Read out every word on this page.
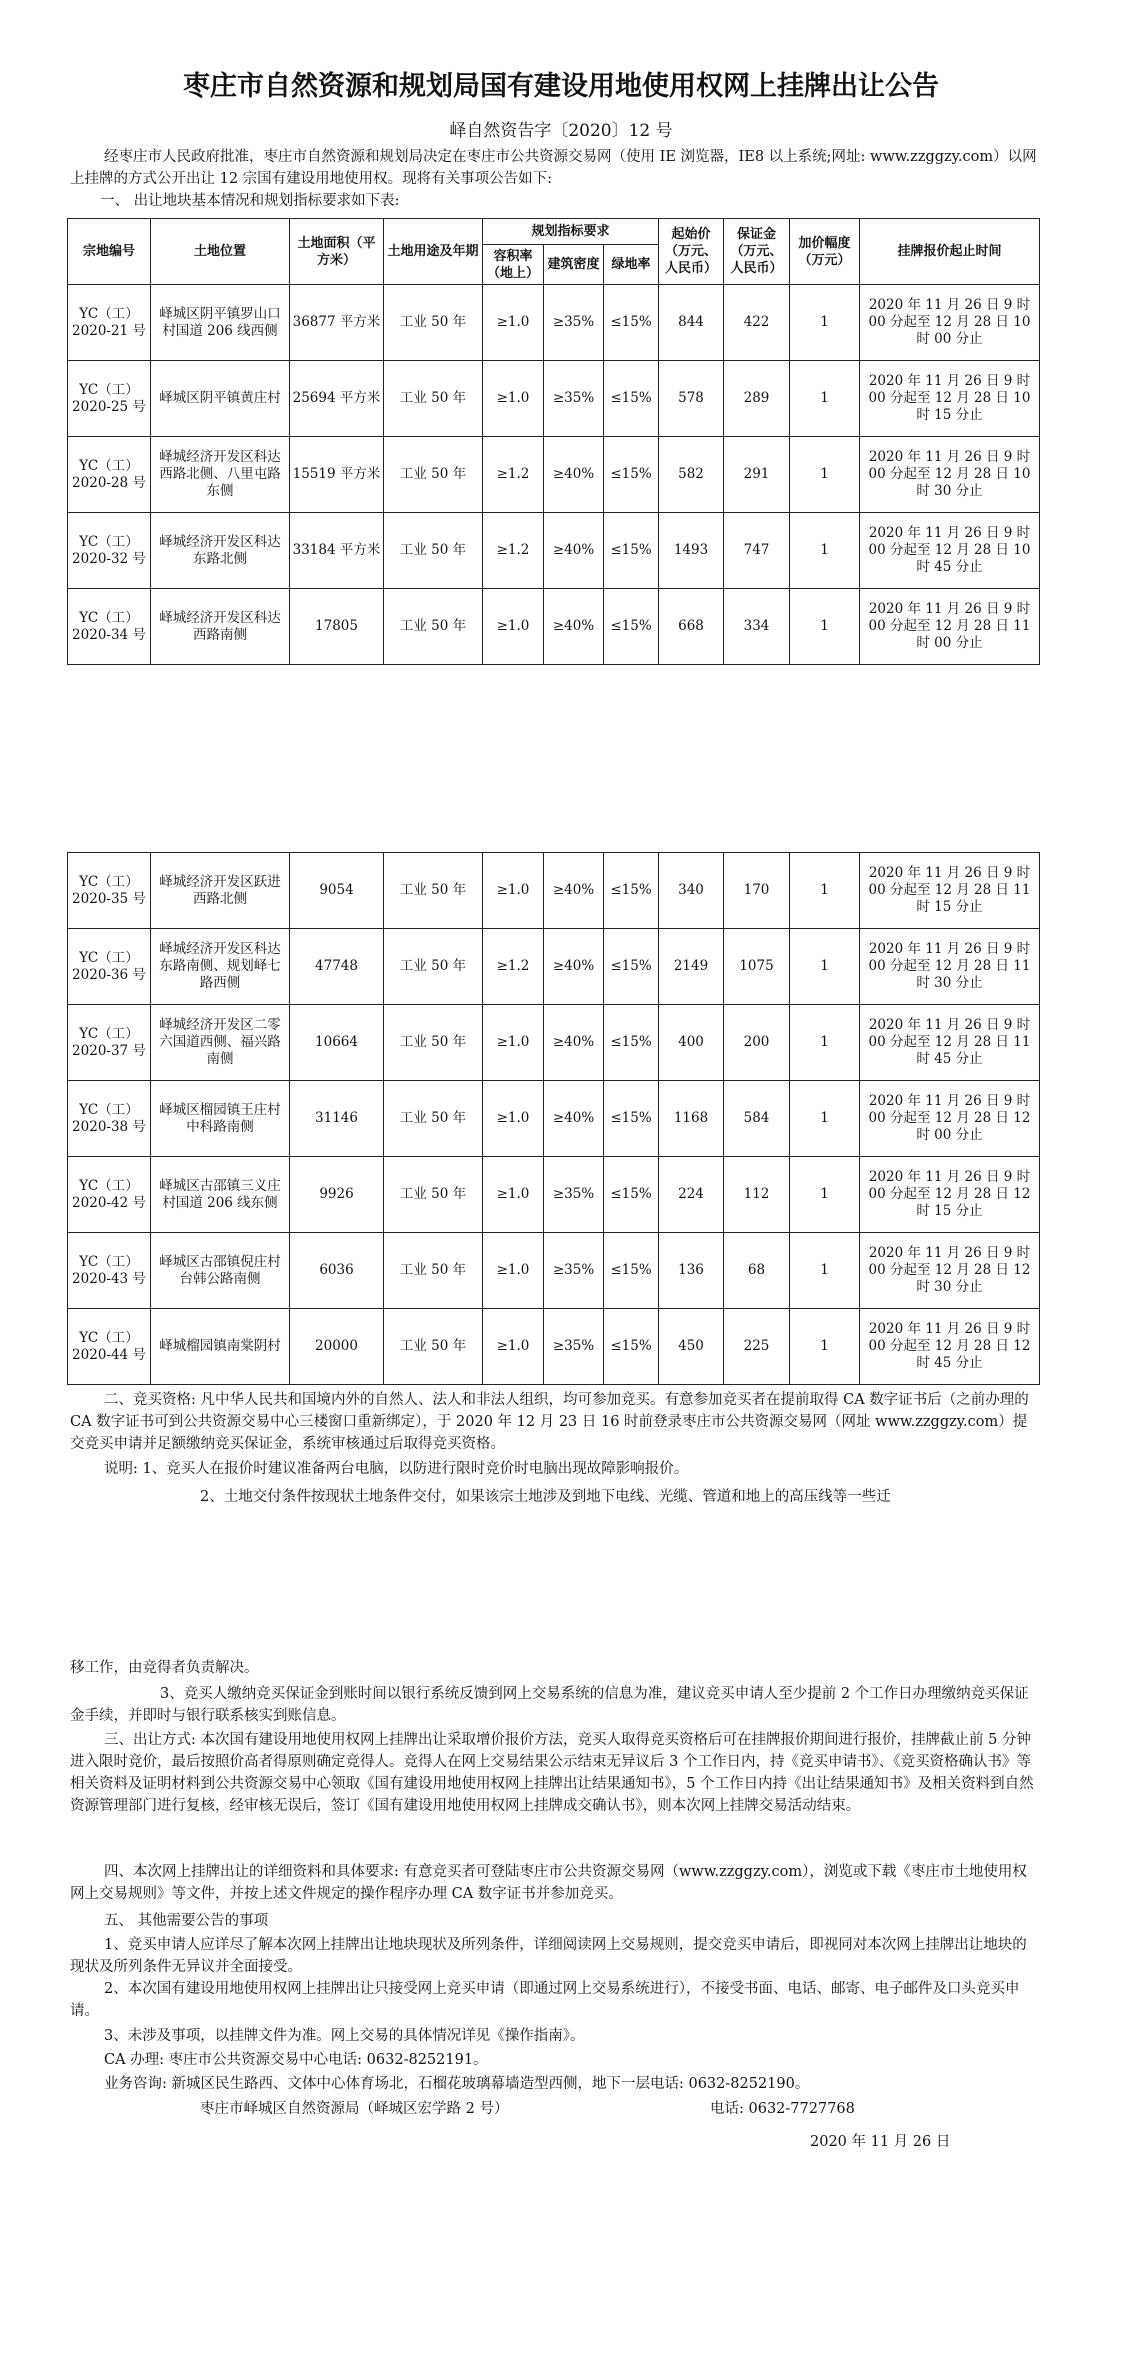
枣庄市自然资源和规划局国有建设用地使用权网上挂牌出让公告
峄自然资告字〔2020〕12 号

经枣庄市人民政府批准，枣庄市自然资源和规划局决定在枣庄市公共资源交易网（使用 IE 浏览器，IE8 以上系统;网址: www.zzggzy.com）以网上挂牌的方式公开出让 12 宗国有建设用地使用权。现将有关事项公告如下:

一、 出让地块基本情况和规划指标要求如下表:
宗地编号	土地位置	土地面积（平方米）	土地用途及年期	规划指标要求			起始价（万元、人民币）	保证金（万元、人民币）	加价幅度（万元）	挂牌报价起止时间
				容积率（地上）	建筑密度	绿地率				
YC（工）2020-21 号	峄城区阴平镇罗山口村国道 206 线西侧	36877 平方米	工业 50 年	≥1.0	≥35%	≤15%	844	422	1	2020 年 11 月 26 日 9 时 00 分起至 12 月 28 日 10 时 00 分止
YC（工）2020-25 号	峄城区阴平镇黄庄村	25694 平方米	工业 50 年	≥1.0	≥35%	≤15%	578	289	1	2020 年 11 月 26 日 9 时 00 分起至 12 月 28 日 10 时 15 分止
YC（工）2020-28 号	峄城经济开发区科达西路北侧、八里屯路东侧	15519 平方米	工业 50 年	≥1.2	≥40%	≤15%	582	291	1	2020 年 11 月 26 日 9 时 00 分起至 12 月 28 日 10 时 30 分止
YC（工）2020-32 号	峄城经济开发区科达东路北侧	33184 平方米	工业 50 年	≥1.2	≥40%	≤15%	1493	747	1	2020 年 11 月 26 日 9 时 00 分起至 12 月 28 日 10 时 45 分止
YC（工）2020-34 号	峄城经济开发区科达西路南侧	17805	工业 50 年	≥1.0	≥40%	≤15%	668	334	1	2020 年 11 月 26 日 9 时 00 分起至 12 月 28 日 11 时 00 分止
YC（工）2020-35 号	峄城经济开发区跃进西路北侧	9054	工业 50 年	≥1.0	≥40%	≤15%	340	170	1	2020 年 11 月 26 日 9 时 00 分起至 12 月 28 日 11 时 15 分止
YC（工）2020-36 号	峄城经济开发区科达东路南侧、规划峄七路西侧	47748	工业 50 年	≥1.2	≥40%	≤15%	2149	1075	1	2020 年 11 月 26 日 9 时 00 分起至 12 月 28 日 11 时 30 分止
YC（工）2020-37 号	峄城经济开发区二零六国道西侧、福兴路南侧	10664	工业 50 年	≥1.0	≥40%	≤15%	400	200	1	2020 年 11 月 26 日 9 时 00 分起至 12 月 28 日 11 时 45 分止
YC（工）2020-38 号	峄城区榴园镇王庄村中科路南侧	31146	工业 50 年	≥1.0	≥40%	≤15%	1168	584	1	2020 年 11 月 26 日 9 时 00 分起至 12 月 28 日 12 时 00 分止
YC（工）2020-42 号	峄城区古邵镇三义庄村国道 206 线东侧	9926	工业 50 年	≥1.0	≥35%	≤15%	224	112	1	2020 年 11 月 26 日 9 时 00 分起至 12 月 28 日 12 时 15 分止
YC（工）2020-43 号	峄城区古邵镇倪庄村台韩公路南侧	6036	工业 50 年	≥1.0	≥35%	≤15%	136	68	1	2020 年 11 月 26 日 9 时 00 分起至 12 月 28 日 12 时 30 分止
YC（工）2020-44 号	峄城榴园镇南棠阴村	20000	工业 50 年	≥1.0	≥35%	≤15%	450	225	1	2020 年 11 月 26 日 9 时 00 分起至 12 月 28 日 12 时 45 分止

二、竞买资格: 凡中华人民共和国境内外的自然人、法人和非法人组织，均可参加竞买。有意参加竞买者在提前取得 CA 数字证书后（之前办理的 CA 数字证书可到公共资源交易中心三楼窗口重新绑定），于 2020 年 12 月 23 日 16 时前登录枣庄市公共资源交易网（网址 www.zzggzy.com）提交竞买申请并足额缴纳竞买保证金，系统审核通过后取得竞买资格。

说明: 1、竞买人在报价时建议准备两台电脑，以防进行限时竞价时电脑出现故障影响报价。
2、土地交付条件按现状土地条件交付，如果该宗土地涉及到地下电线、光缆、管道和地上的高压线等一些迁
移工作，由竞得者负责解决。

3、竞买人缴纳竞买保证金到账时间以银行系统反馈到网上交易系统的信息为准，建议竞买申请人至少提前 2 个工作日办理缴纳竞买保证金手续，并即时与银行联系核实到账信息。

三、出让方式: 本次国有建设用地使用权网上挂牌出让采取增价报价方法，竞买人取得竞买资格后可在挂牌报价期间进行报价，挂牌截止前 5 分钟进入限时竞价，最后按照价高者得原则确定竞得人。竞得人在网上交易结果公示结束无异议后 3 个工作日内，持《竞买申请书》、《竞买资格确认书》等相关资料及证明材料到公共资源交易中心领取《国有建设用地使用权网上挂牌出让结果通知书》，5 个工作日内持《出让结果通知书》及相关资料到自然资源管理部门进行复核，经审核无误后，签订《国有建设用地使用权网上挂牌成交确认书》，则本次网上挂牌交易活动结束。

四、本次网上挂牌出让的详细资料和具体要求: 有意竞买者可登陆枣庄市公共资源交易网（www.zzggzy.com），浏览或下载《枣庄市土地使用权网上交易规则》等文件，并按上述文件规定的操作程序办理 CA 数字证书并参加竞买。

五、 其他需要公告的事项

1、竞买申请人应详尽了解本次网上挂牌出让地块现状及所列条件，详细阅读网上交易规则，提交竞买申请后，即视同对本次网上挂牌出让地块的现状及所列条件无异议并全面接受。

2、本次国有建设用地使用权网上挂牌出让只接受网上竞买申请（即通过网上交易系统进行），不接受书面、电话、邮寄、电子邮件及口头竞买申请。

3、未涉及事项，以挂牌文件为准。网上交易的具体情况详见《操作指南》。
CA 办理: 枣庄市公共资源交易中心电话: 0632-8252191。
业务咨询: 新城区民生路西、文体中心体育场北，石榴花玻璃幕墙造型西侧，地下一层电话: 0632-8252190。
枣庄市峄城区自然资源局（峄城区宏学路 2 号）	电话: 0632-7727768
2020 年 11 月 26 日
